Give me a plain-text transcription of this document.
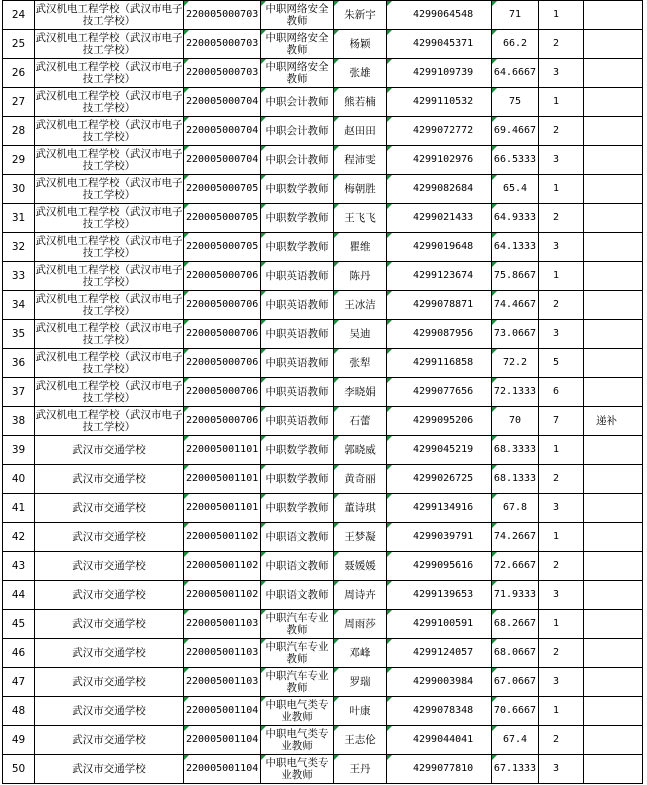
24	武汉机电工程学校（武汉市电子技工学校）	220005000703	中职网络安全教师	朱新宇	4299064548	71	1	
25	武汉机电工程学校（武汉市电子技工学校）	220005000703	中职网络安全教师	杨颖	4299045371	66.2	2	
26	武汉机电工程学校（武汉市电子技工学校）	220005000703	中职网络安全教师	张雄	4299109739	64.6667	3	
27	武汉机电工程学校（武汉市电子技工学校）	220005000704	中职会计教师	熊若楠	4299110532	75	1	
28	武汉机电工程学校（武汉市电子技工学校）	220005000704	中职会计教师	赵田田	4299072772	69.4667	2	
29	武汉机电工程学校（武汉市电子技工学校）	220005000704	中职会计教师	程沛雯	4299102976	66.5333	3	
30	武汉机电工程学校（武汉市电子技工学校）	220005000705	中职数学教师	梅朝胜	4299082684	65.4	1	
31	武汉机电工程学校（武汉市电子技工学校）	220005000705	中职数学教师	王飞飞	4299021433	64.9333	2	
32	武汉机电工程学校（武汉市电子技工学校）	220005000705	中职数学教师	瞿维	4299019648	64.1333	3	
33	武汉机电工程学校（武汉市电子技工学校）	220005000706	中职英语教师	陈丹	4299123674	75.8667	1	
34	武汉机电工程学校（武汉市电子技工学校）	220005000706	中职英语教师	王冰洁	4299078871	74.4667	2	
35	武汉机电工程学校（武汉市电子技工学校）	220005000706	中职英语教师	吴迪	4299087956	73.0667	3	
36	武汉机电工程学校（武汉市电子技工学校）	220005000706	中职英语教师	张犁	4299116858	72.2	5	
37	武汉机电工程学校（武汉市电子技工学校）	220005000706	中职英语教师	李晓娟	4299077656	72.1333	6	
38	武汉机电工程学校（武汉市电子技工学校）	220005000706	中职英语教师	石蕾	4299095206	70	7	递补
39	武汉市交通学校	220005001101	中职数学教师	郭晓威	4299045219	68.3333	1	
40	武汉市交通学校	220005001101	中职数学教师	黄奇丽	4299026725	68.1333	2	
41	武汉市交通学校	220005001101	中职数学教师	董诗琪	4299134916	67.8	3	
42	武汉市交通学校	220005001102	中职语文教师	王梦凝	4299039791	74.2667	1	
43	武汉市交通学校	220005001102	中职语文教师	聂媛媛	4299095616	72.6667	2	
44	武汉市交通学校	220005001102	中职语文教师	周诗卉	4299139653	71.9333	3	
45	武汉市交通学校	220005001103	中职汽车专业教师	周雨莎	4299100591	68.2667	1	
46	武汉市交通学校	220005001103	中职汽车专业教师	邓峰	4299124057	68.0667	2	
47	武汉市交通学校	220005001103	中职汽车专业教师	罗瑞	4299003984	67.0667	3	
48	武汉市交通学校	220005001104	中职电气类专业教师	叶康	4299078348	70.6667	1	
49	武汉市交通学校	220005001104	中职电气类专业教师	王志伦	4299044041	67.4	2	
50	武汉市交通学校	220005001104	中职电气类专业教师	王丹	4299077810	67.1333	3	
